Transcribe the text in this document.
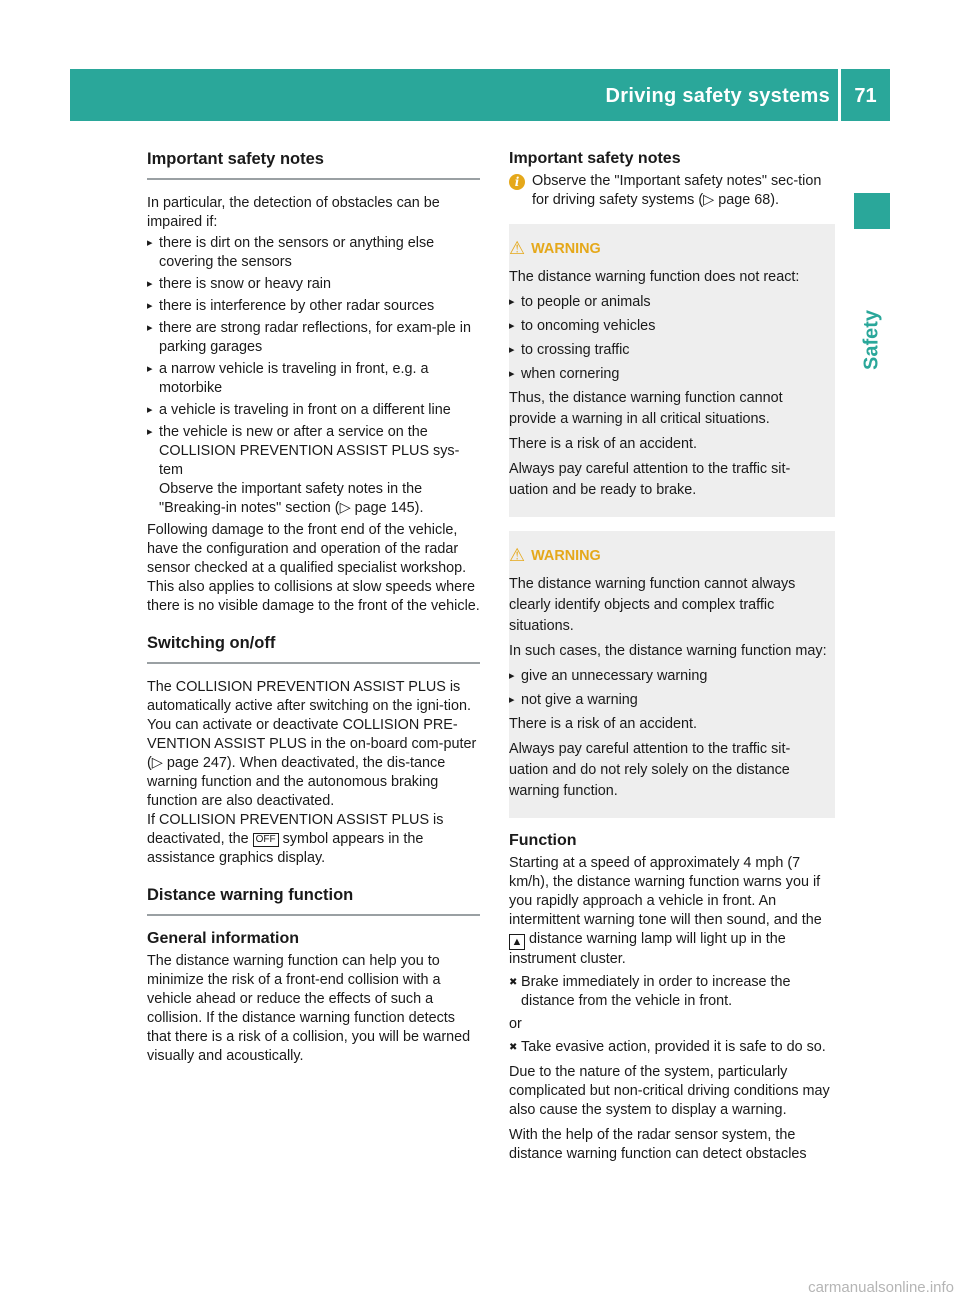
Driving safety systems	71
Safety
Important safety notes

In particular, the detection of obstacles can be impaired if:

▸ there is dirt on the sensors or anything else covering the sensors
▸ there is snow or heavy rain
▸ there is interference by other radar sources
▸ there are strong radar reflections, for exam-ple in parking garages
▸ a narrow vehicle is traveling in front, e.g. a motorbike
▸ a vehicle is traveling in front on a different line
▸ the vehicle is new or after a service on the COLLISION PREVENTION ASSIST PLUS sys-tem
Observe the important safety notes in the "Breaking-in notes" section (▷ page 145).

Following damage to the front end of the vehicle, have the configuration and operation of the radar sensor checked at a qualified specialist workshop. This also applies to collisions at slow speeds where there is no visible damage to the front of the vehicle.

Switching on/off

The COLLISION PREVENTION ASSIST PLUS is automatically active after switching on the igni-tion.

You can activate or deactivate COLLISION PRE-VENTION ASSIST PLUS in the on-board com-puter (▷ page 247). When deactivated, the dis-tance warning function and the autonomous braking function are also deactivated.

If COLLISION PREVENTION ASSIST PLUS is deactivated, the OFF symbol appears in the assistance graphics display.

Distance warning function
General information

The distance warning function can help you to minimize the risk of a front-end collision with a vehicle ahead or reduce the effects of such a collision. If the distance warning function detects that there is a risk of a collision, you will be warned visually and acoustically.

Important safety notes
i Observe the "Important safety notes" sec-tion for driving safety systems (▷ page 68).

⚠ WARNING

The distance warning function does not react:

▸ to people or animals
▸ to oncoming vehicles
▸ to crossing traffic
▸ when cornering

Thus, the distance warning function cannot provide a warning in all critical situations.

There is a risk of an accident.

Always pay careful attention to the traffic sit-uation and be ready to brake.

⚠ WARNING

The distance warning function cannot always clearly identify objects and complex traffic situations.

In such cases, the distance warning function may:

▸ give an unnecessary warning
▸ not give a warning

There is a risk of an accident.

Always pay careful attention to the traffic sit-uation and do not rely solely on the distance warning function.

Function

Starting at a speed of approximately 4 mph (7 km/h), the distance warning function warns you if you rapidly approach a vehicle in front. An intermittent warning tone will then sound, and the ▲ distance warning lamp will light up in the instrument cluster.

✖ Brake immediately in order to increase the distance from the vehicle in front.

or

✖ Take evasive action, provided it is safe to do so.

Due to the nature of the system, particularly complicated but non-critical driving conditions may also cause the system to display a warning.

With the help of the radar sensor system, the distance warning function can detect obstacles

carmanualsonline.info
